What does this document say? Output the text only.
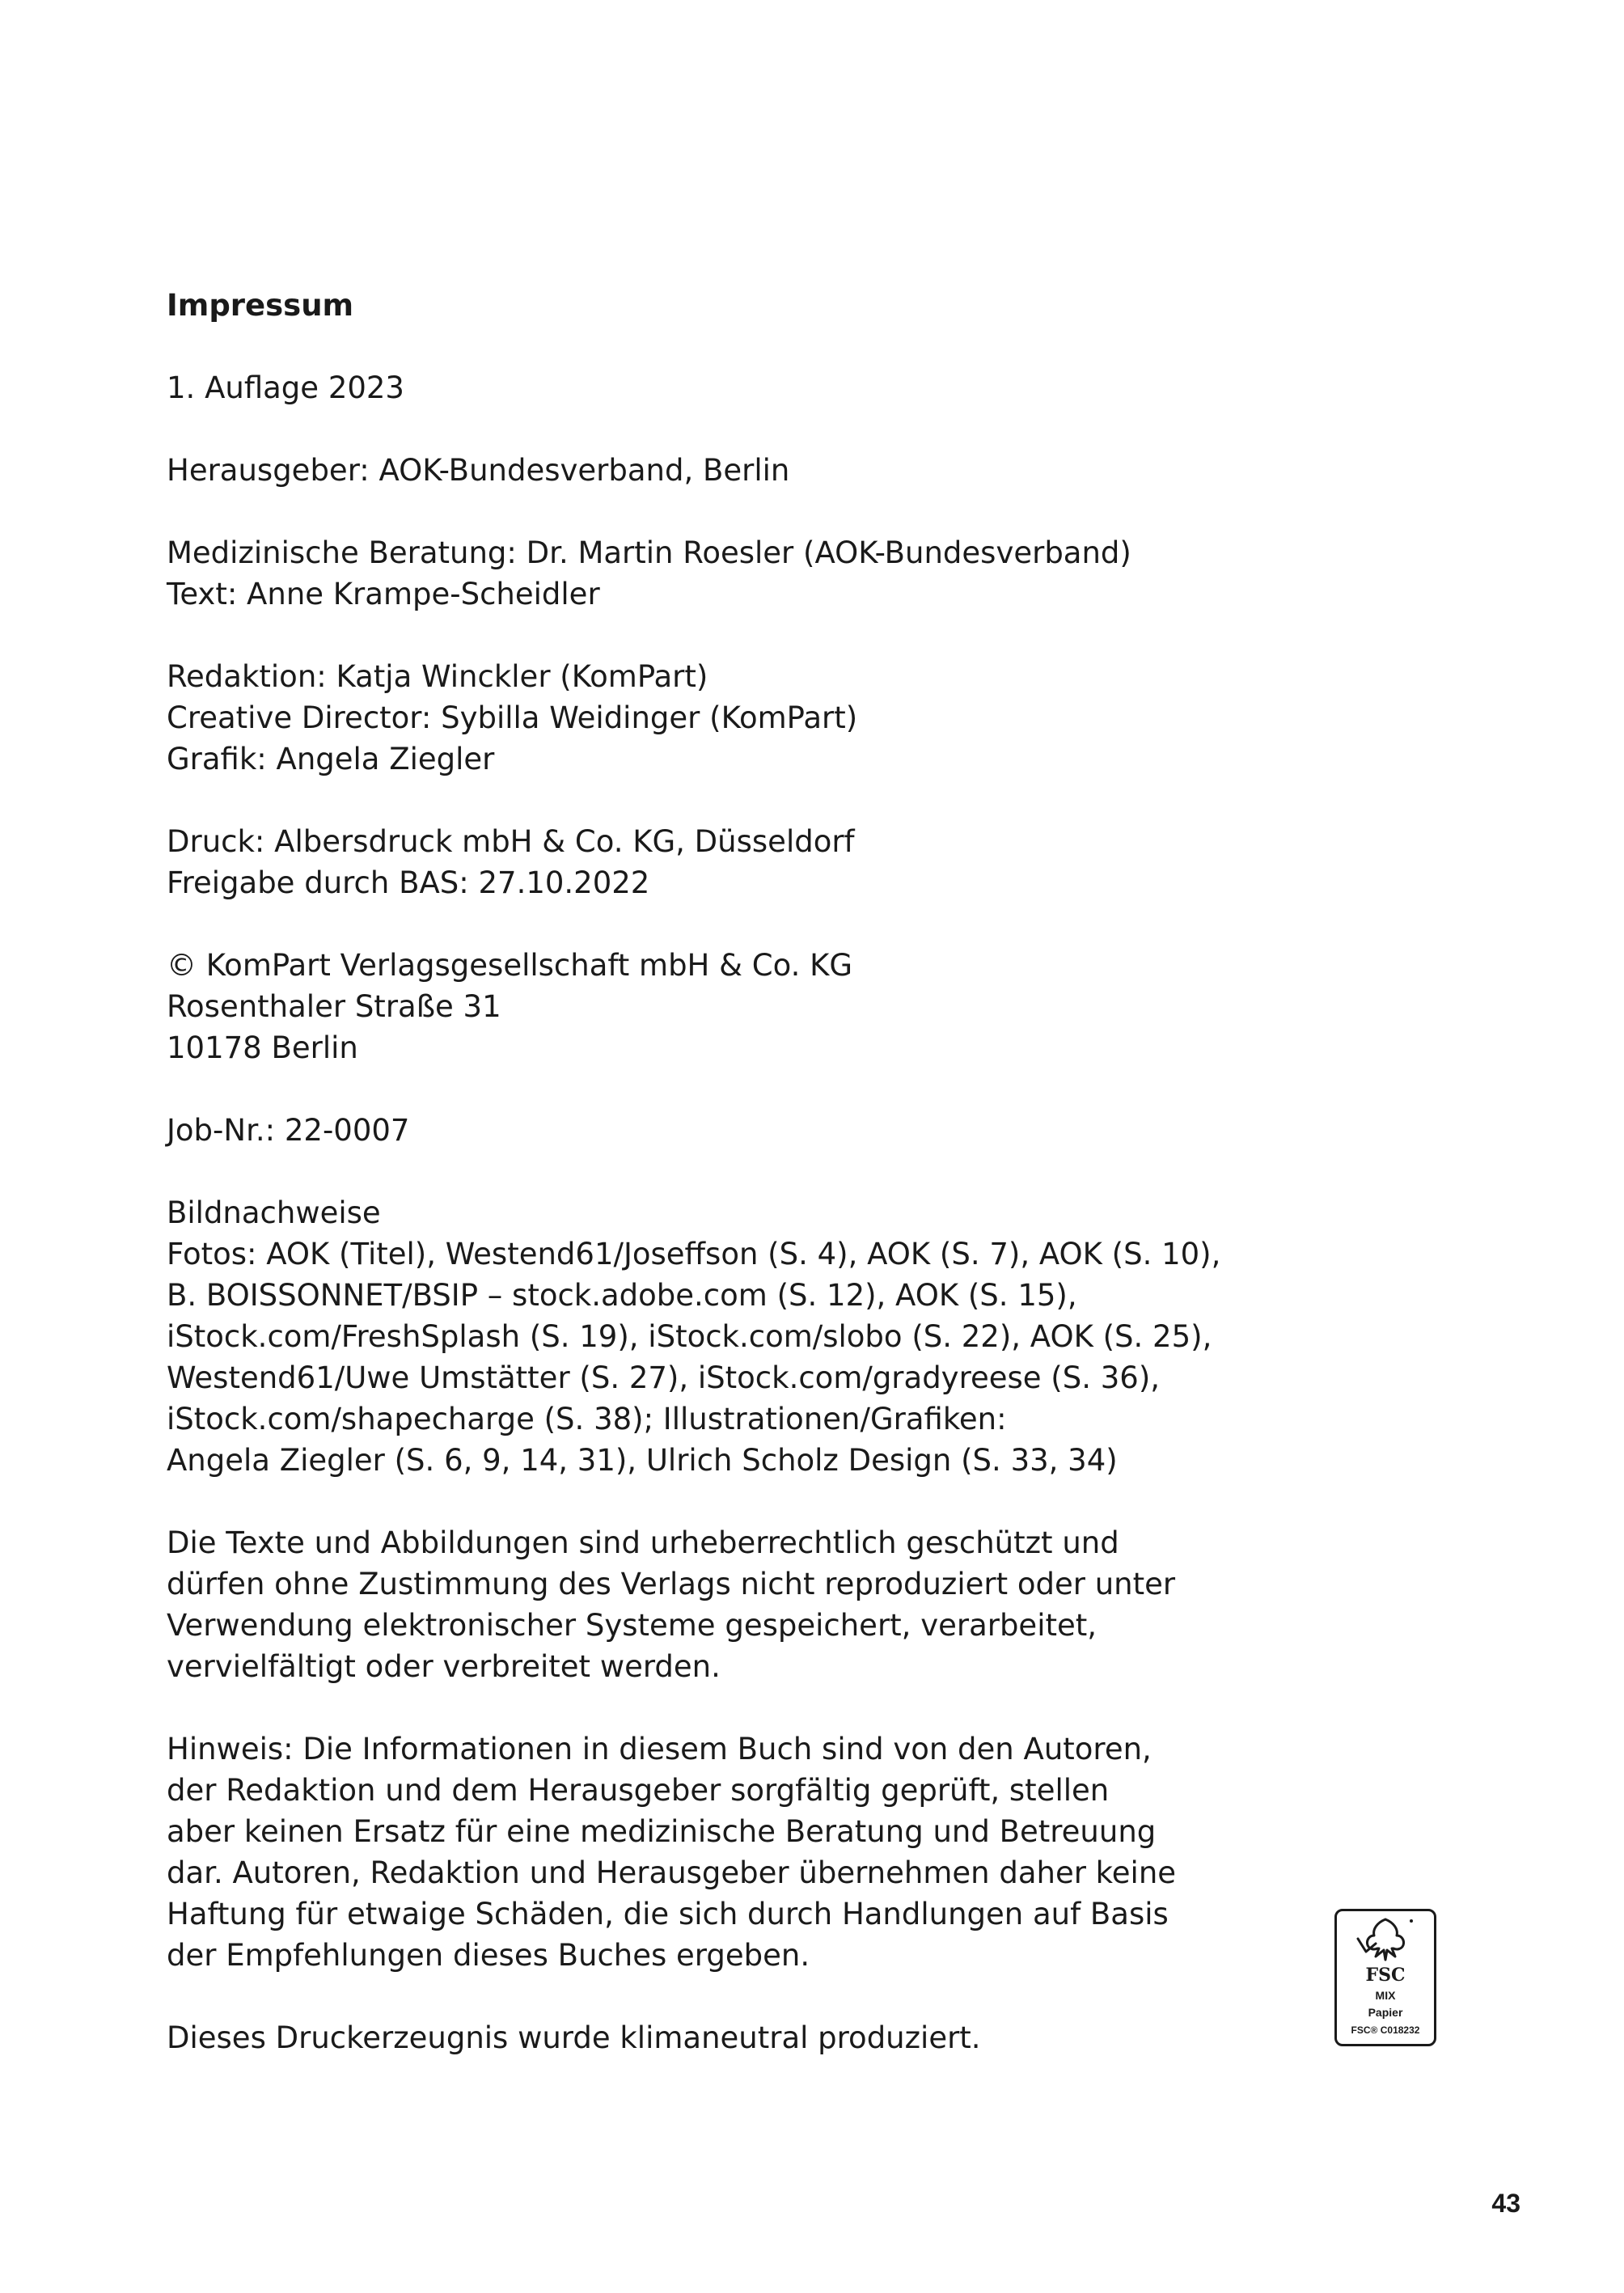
Impressum
1. Auflage 2023
Herausgeber: AOK-Bundesverband, Berlin
Medizinische Beratung: Dr. Martin Roesler (AOK-Bundesverband)
Text: Anne Krampe-Scheidler
Redaktion: Katja Winckler (KomPart)
Creative Director: Sybilla Weidinger (KomPart)
Grafik: Angela Ziegler
Druck: Albersdruck mbH & Co. KG, Düsseldorf
Freigabe durch BAS: 27.10.2022
© KomPart Verlagsgesellschaft mbH & Co. KG
Rosenthaler Straße 31
10178 Berlin
Job-Nr.: 22-0007
Bildnachweise
Fotos: AOK (Titel), Westend61/Joseffson (S. 4), AOK (S. 7), AOK (S. 10),
B. BOISSONNET/BSIP – stock.adobe.com (S. 12), AOK (S. 15),
iStock.com/FreshSplash (S. 19), iStock.com/slobo (S. 22), AOK (S. 25),
Westend61/Uwe Umstätter (S. 27), iStock.com/gradyreese (S. 36),
iStock.com/shapecharge (S. 38); Illustrationen/Grafiken:
Angela Ziegler (S. 6, 9, 14, 31), Ulrich Scholz Design (S. 33, 34)
Die Texte und Abbildungen sind urheberrechtlich geschützt und
dürfen ohne Zustimmung des Verlags nicht reproduziert oder unter
Verwendung elektronischer Systeme gespeichert, verarbeitet,
vervielfältigt oder verbreitet werden.
Hinweis: Die Informationen in diesem Buch sind von den Autoren,
der Redaktion und dem Herausgeber sorgfältig geprüft, stellen
aber keinen Ersatz für eine medizinische Beratung und Betreuung
dar. Autoren, Redaktion und Herausgeber übernehmen daher keine
Haftung für etwaige Schäden, die sich durch Handlungen auf Basis
der Empfehlungen dieses Buches ergeben.
Dieses Druckerzeugnis wurde klimaneutral produziert.
FSC
MIX
Papier
FSC® C018232
43
